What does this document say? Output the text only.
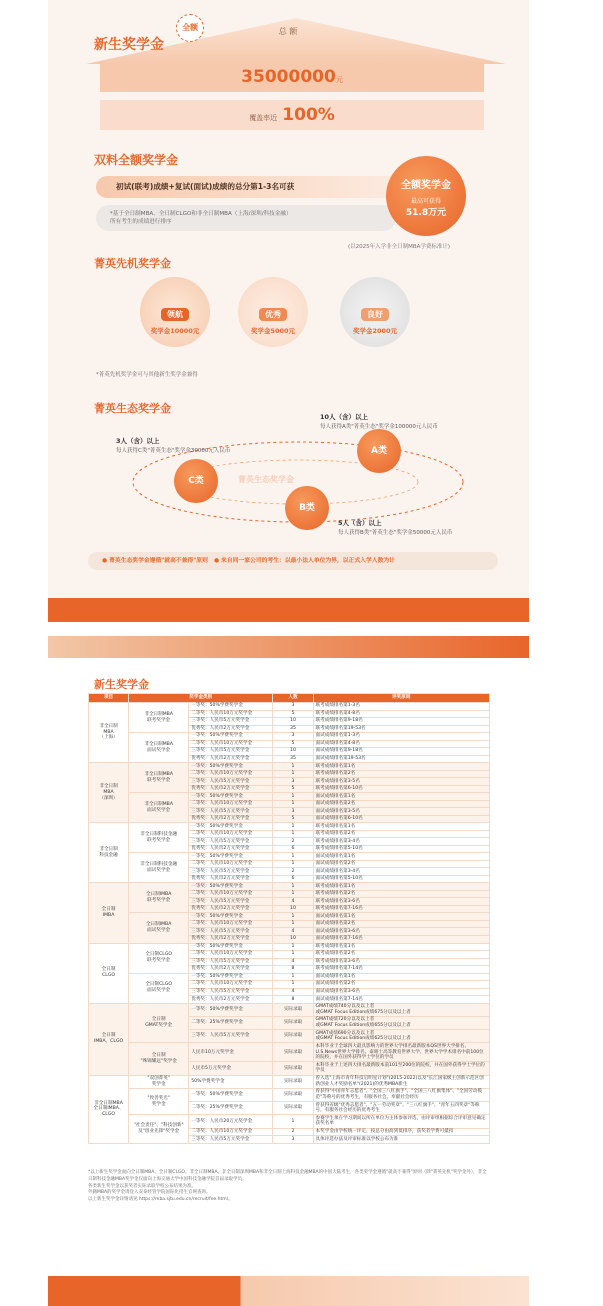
新生奖学金
全额	总 额
35000000元
覆盖率近 100%
双料全额奖学金
初试(联考)成绩+复试(面试)成绩的总分第1-3名可获
*基于全日制MBA、全日制CLGO和非全日制MBA（上海/深圳/科技金融）
所有考生的成绩进行排序
全额奖学金
最高可获得
51.8万元
(以2025年入学非全日制MBA学费标准计)
菁英先机奖学金
领航
奖学金10000元
优秀
奖学金5000元
良好
奖学金2000元
*菁英先机奖学金可与其他新生奖学金兼得
菁英生态奖学金
菁英生态奖学金
C类
A类
B类
3人（含）以上
每人获得C类"菁英生态"奖学金30000元人民币
10人（含）以上
每人获得A类"菁英生态"奖学金100000元人民币
5人（含）以上
每人获得B类"菁英生态"奖学金50000元人民币
● 菁英生态奖学金遵循"就高不兼得"原则 ● 来自同一家公司的考生：以最小法人单位为界，以正式入学人数为计
新生奖学金
项目	奖学金类别		人数	评奖原则
非全日制
MBA
（上海）	非全日制MBA
联考奖学金	一等奖：50%学费奖学金	3	联考成绩排名第1-3名
		二等奖：人民币10万元奖学金	5	联考成绩排名第4-8名
		三等奖：人民币5万元奖学金	10	联考成绩排名第9-18名
		优秀奖：人民币2万元奖学金	35	联考成绩排名第19-53名
	非全日制MBA
面试奖学金	一等奖：50%学费奖学金	3	面试成绩排名第1-3名
		二等奖：人民币10万元奖学金	5	面试成绩排名第4-8名
		三等奖：人民币5万元奖学金	10	面试成绩排名第9-18名
		优秀奖：人民币2万元奖学金	35	面试成绩排名第19-53名
非全日制
MBA
（深圳）	非全日制MBA
联考奖学金	一等奖：50%学费奖学金	1	联考成绩排名第1名
		二等奖：人民币10万元奖学金	1	联考成绩排名第2名
		三等奖：人民币5万元奖学金	3	联考成绩排名第3-5名
		优秀奖：人民币2万元奖学金	5	联考成绩排名第6-10名
	非全日制MBA
面试奖学金	一等奖：50%学费奖学金	1	面试成绩排名第1名
		二等奖：人民币10万元奖学金	1	面试成绩排名第2名
		三等奖：人民币5万元奖学金	3	面试成绩排名第3-5名
		优秀奖：人民币2万元奖学金	5	面试成绩排名第6-10名
非全日制
科技金融	非全日制科技金融
联考奖学金	一等奖：50%学费奖学金	1	联考成绩排名第1名
		二等奖：人民币10万元奖学金	1	联考成绩排名第2名
		三等奖：人民币5万元奖学金	2	联考成绩排名第3-4名
		优秀奖：人民币2万元奖学金	6	联考成绩排名第5-10名
	非全日制科技金融
面试奖学金	一等奖：50%学费奖学金	1	面试成绩排名第1名
		二等奖：人民币10万元奖学金	1	面试成绩排名第2名
		三等奖：人民币5万元奖学金	2	面试成绩排名第3-4名
		优秀奖：人民币2万元奖学金	6	面试成绩排名第5-10名
全日制
IMBA	全日制IMBA
联考奖学金	一等奖：50%学费奖学金	1	联考成绩排名第1名
		二等奖：人民币10万元奖学金	1	联考成绩排名第2名
		三等奖：人民币5万元奖学金	4	联考成绩排名第3-6名
		优秀奖：人民币2万元奖学金	10	联考成绩排名第7-16名
	全日制IMBA
面试奖学金	一等奖：50%学费奖学金	1	面试成绩排名第1名
		二等奖：人民币10万元奖学金	1	面试成绩排名第2名
		三等奖：人民币5万元奖学金	4	面试成绩排名第3-6名
		优秀奖：人民币2万元奖学金	10	面试成绩排名第7-16名
全日制
CLGO	全日制CLGO
联考奖学金	一等奖：50%学费奖学金	1	联考成绩排名第1名
		二等奖：人民币10万元奖学金	1	联考成绩排名第2名
		三等奖：人民币5万元奖学金	4	联考成绩排名第3-6名
		优秀奖：人民币2万元奖学金	8	联考成绩排名第7-14名
	全日制CLGO
面试奖学金	一等奖：50%学费奖学金	1	面试成绩排名第1名
		二等奖：人民币10万元奖学金	1	面试成绩排名第2名
		三等奖：人民币5万元奖学金	4	面试成绩排名第3-6名
		优秀奖：人民币2万元奖学金	8	面试成绩排名第7-14名
全日制
IMBA、CLGO	全日制
GMAT奖学金	一等奖：50%学费奖学金	实际录取	GMAT成绩740分以及以上者
或GMAT Focus Edition成绩675分以及以上者
		二等奖：25%学费奖学金	实际录取	GMAT成绩720分以及以上者
或GMAT Focus Edition成绩655分以及以上者
		三等奖：人民币5万元奖学金	实际录取	GMAT成绩690分以及以上者
或GMAT Focus Edition成绩625分以及以上者
	全日制
"殊锦耀远"奖学金	人民币10万元奖学金	实际录取	本科毕业于全球四大最具影响力的世界大学排名最新版本QS世界大学排名、U.S.News世界大学排名、泰晤士高等教育世界大学、世界大学学术排名中前100位的院校，并在国外获得学士学位的学员
		人民币5万元奖学金	实际录取	本科毕业于上述四大排名最新版本前101至200位的院校，并在国外获得学士学位的学员
非全日制MBA
全日制IMBA、CLGO	"双创菁英"
奖学金	50%学费奖学金	实际录取	曾入选"上海市青年科技启明星计划"(2015-2022)以及"长江国家级主创新示范区创新创业人才奖励名单"(2021)的优秀MBA新生
	"致善奖光"
奖学金	一等奖：50%学费奖学金	实际录取	曾获得"中国青年志愿者"、"全国三八红旗手"、"全国三八红旗集体"、"全国劳动模范"等称号的优秀考生，有服务社会、奉献社会经历
		二等奖：25%学费奖学金	实际录取	曾获得省级"优秀志愿者"、"五一劳动奖章"、"三八红旗手"、"青年五四奖章"等称号，有服务社会经历的优秀考生
	"社会责任"、"科技创新"
及"创业先锋"奖学金	一等奖：人民币20万元奖学金	1	参赛学生须在学习期间以所在单位为主体参加评选，由评审组根据综合评审意见确定获奖名单
		二等奖：人民币10万元奖学金	2	本奖学金由学校统一评定，按总分由高到低排序，获奖者学费可抵扣
		三等奖：人民币5万元奖学金	3	具体评选办法及评审标准以学校公布为准
*以上新生奖学金面向全日制MBA、全日制CLGO、非全日制MBA、非全日制深圳MBA和非全日制上海科技金融MBA的中国大陆考生，各类奖学金遵循"就高不兼得"原则（除"菁英先机"奖学金外），非全日制科技金融MBA奖学金仅面向上海交通大学中国科技金融学院首届录取学员。
各类新生奖学金以获奖者实际录取学校公布结果为准。
外籍MBA的奖学金请登入安泰经管学院国际化招生官网查询。
以上新生奖学金详情请见 https://mba.sjtu.edu.cn/recruit/fee.html。
